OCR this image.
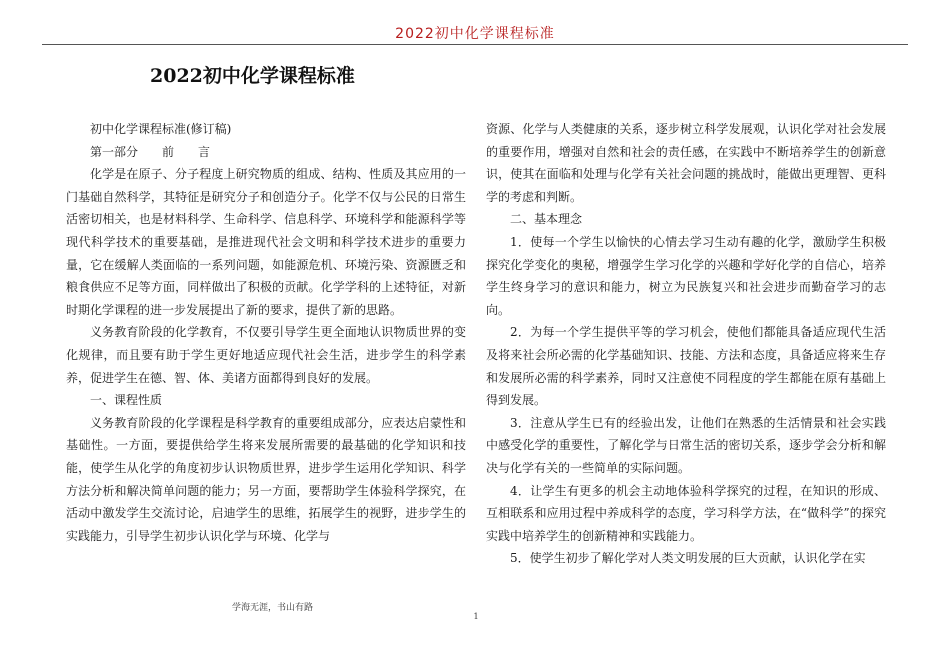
2022初中化学课程标准
2022初中化学课程标准

初中化学课程标准(修订稿)

第一部分　　前　　言

化学是在原子、分子程度上研究物质的组成、结构、性质及其应用的一门基础自然科学，其特征是研究分子和创造分子。化学不仅与公民的日常生活密切相关，也是材料科学、生命科学、信息科学、环境科学和能源科学等现代科学技术的重要基础，是推进现代社会文明和科学技术进步的重要力量，它在缓解人类面临的一系列问题，如能源危机、环境污染、资源匮乏和粮食供应不足等方面，同样做出了积极的贡献。化学学科的上述特征，对新时期化学课程的进一步发展提出了新的要求，提供了新的思路。

义务教育阶段的化学教育，不仅要引导学生更全面地认识物质世界的变化规律，而且要有助于学生更好地适应现代社会生活，进步学生的科学素养，促进学生在德、智、体、美诸方面都得到良好的发展。

一、课程性质

义务教育阶段的化学课程是科学教育的重要组成部分，应表达启蒙性和基础性。一方面，要提供给学生将来发展所需要的最基础的化学知识和技能，使学生从化学的角度初步认识物质世界，进步学生运用化学知识、科学方法分析和解决简单问题的能力；另一方面，要帮助学生体验科学探究，在活动中激发学生交流讨论，启迪学生的思维，拓展学生的视野，进步学生的实践能力，引导学生初步认识化学与环境、化学与

资源、化学与人类健康的关系，逐步树立科学发展观，认识化学对社会发展的重要作用，增强对自然和社会的责任感，在实践中不断培养学生的创新意识，使其在面临和处理与化学有关社会问题的挑战时，能做出更理智、更科学的考虑和判断。

二、基本理念

1．使每一个学生以愉快的心情去学习生动有趣的化学，激励学生积极探究化学变化的奥秘，增强学生学习化学的兴趣和学好化学的自信心，培养学生终身学习的意识和能力，树立为民族复兴和社会进步而勤奋学习的志向。

2．为每一个学生提供平等的学习机会，使他们都能具备适应现代生活及将来社会所必需的化学基础知识、技能、方法和态度，具备适应将来生存和发展所必需的科学素养，同时又注意使不同程度的学生都能在原有基础上得到发展。

3．注意从学生已有的经验出发，让他们在熟悉的生活情景和社会实践中感受化学的重要性，了解化学与日常生活的密切关系，逐步学会分析和解决与化学有关的一些简单的实际问题。

4．让学生有更多的机会主动地体验科学探究的过程，在知识的形成、互相联系和应用过程中养成科学的态度，学习科学方法，在“做科学”的探究实践中培养学生的创新精神和实践能力。

5．使学生初步了解化学对人类文明发展的巨大贡献，认识化学在实

学海无涯，书山有路
1
